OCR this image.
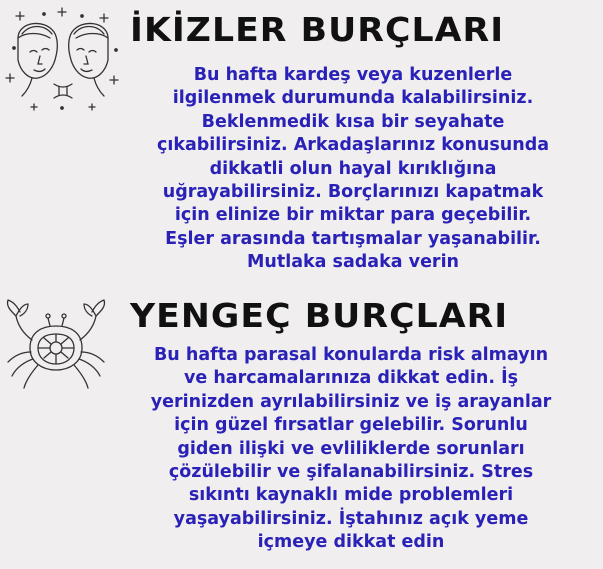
İKİZLER BURÇLARI

Bu hafta kardeş veya kuzenlerle
ilgilenmek durumunda kalabilirsiniz.
Beklenmedik kısa bir seyahate
çıkabilirsiniz. Arkadaşlarınız konusunda
dikkatli olun hayal kırıklığına
uğrayabilirsiniz. Borçlarınızı kapatmak
için elinize bir miktar para geçebilir.
Eşler arasında tartışmalar yaşanabilir.
Mutlaka sadaka verin

YENGEÇ BURÇLARI

Bu hafta parasal konularda risk almayın
ve harcamalarınıza dikkat edin. İş
yerinizden ayrılabilirsiniz ve iş arayanlar
için güzel fırsatlar gelebilir. Sorunlu
giden ilişki ve evliliklerde sorunları
çözülebilir ve şifalanabilirsiniz. Stres
sıkıntı kaynaklı mide problemleri
yaşayabilirsiniz. İştahınız açık yeme
içmeye dikkat edin
